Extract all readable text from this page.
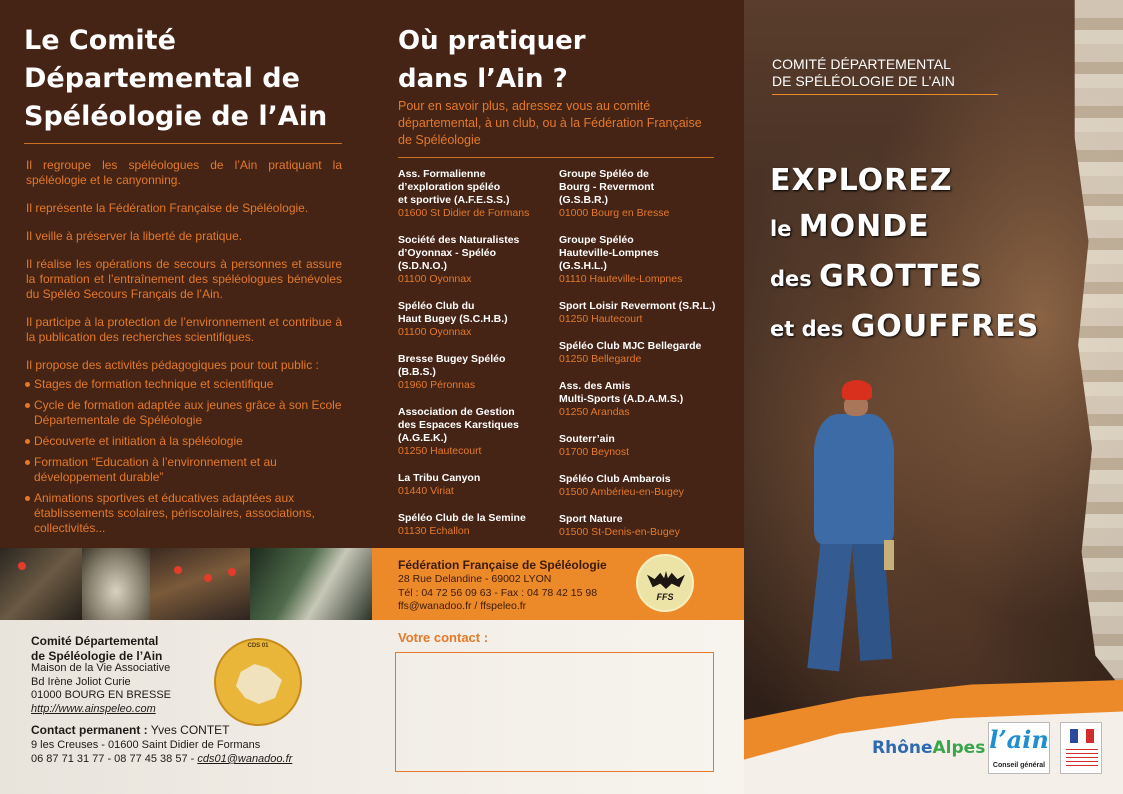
Le Comité Départemental de Spéléologie de l’Ain

Il regroupe les spéléologues de l’Ain pratiquant la spéléologie et le canyonning.

Il représente la Fédération Française de Spéléologie.

Il veille à préserver la liberté de pratique.

Il réalise les opérations de secours à personnes et assure la formation et l’entraînement des spéléologues bénévoles du Spéléo Secours Français de l’Ain.

Il participe à la protection de l’environnement et contribue à la publication des recherches scientifiques.

Il propose des activités pédagogiques pour tout public :

Stages de formation technique et scientifique
Cycle de formation adaptée aux jeunes grâce à son Ecole Départementale de Spéléologie
Découverte et initiation à la spéléologie
Formation “Education à l’environnement et au développement durable”
Animations sportives et éducatives adaptées aux établissements scolaires, périscolaires, associations, collectivités...
Où pratiquer
dans l’Ain ?

Pour en savoir plus, adressez vous au comité départemental, à un club, ou à la Fédération Française de Spéléologie

Ass. Formalienne
d’exploration spéléo
et sportive (A.F.E.S.S.)
01600 St Didier de Formans
Société des Naturalistes
d’Oyonnax - Spéléo
(S.D.N.O.)
01100 Oyonnax
Spéléo Club du
Haut Bugey (S.C.H.B.)
01100 Oyonnax
Bresse Bugey Spéléo
(B.B.S.)
01960 Péronnas
Association de Gestion
des Espaces Karstiques
(A.G.E.K.)
01250 Hautecourt
La Tribu Canyon
01440 Viriat
Spéléo Club de la Semine
01130 Echallon
Groupe Spéléo de
Bourg - Revermont
(G.S.B.R.)
01000 Bourg en Bresse
Groupe Spéléo
Hauteville-Lompnes
(G.S.H.L.)
01110 Hauteville-Lompnes
Sport Loisir Revermont (S.R.L.)
01250 Hautecourt
Spéléo Club MJC Bellegarde
01250 Bellegarde
Ass. des Amis
Multi-Sports (A.D.A.M.S.)
01250 Arandas
Souterr’ain
01700 Beynost
Spéléo Club Ambarois
01500 Ambérieu-en-Bugey
Sport Nature
01500 St-Denis-en-Bugey
Fédération Française de Spéléologie
28 Rue Delandine - 69002 LYON
Tél : 04 72 56 09 63 - Fax : 04 78 42 15 98
ffs@wanadoo.fr / ffspeleo.fr
FFS
Comité Départemental
de Spéléologie de l’Ain
Maison de la Vie Associative
Bd Irène Joliot Curie
01000 BOURG EN BRESSE
http://www.ainspeleo.com
Contact permanent : Yves CONTET
9 les Creuses - 01600 Saint Didier de Formans
06 87 71 31 77 - 08 77 45 38 57 - cds01@wanadoo.fr
CDS 01
Votre contact :
COMITÉ DÉPARTEMENTAL
DE SPÉLÉOLOGIE DE L’AIN
EXPLOREZ
le MONDE
des GROTTES
et des GOUFFRES
RhôneAlpes l’ain
Conseil général
